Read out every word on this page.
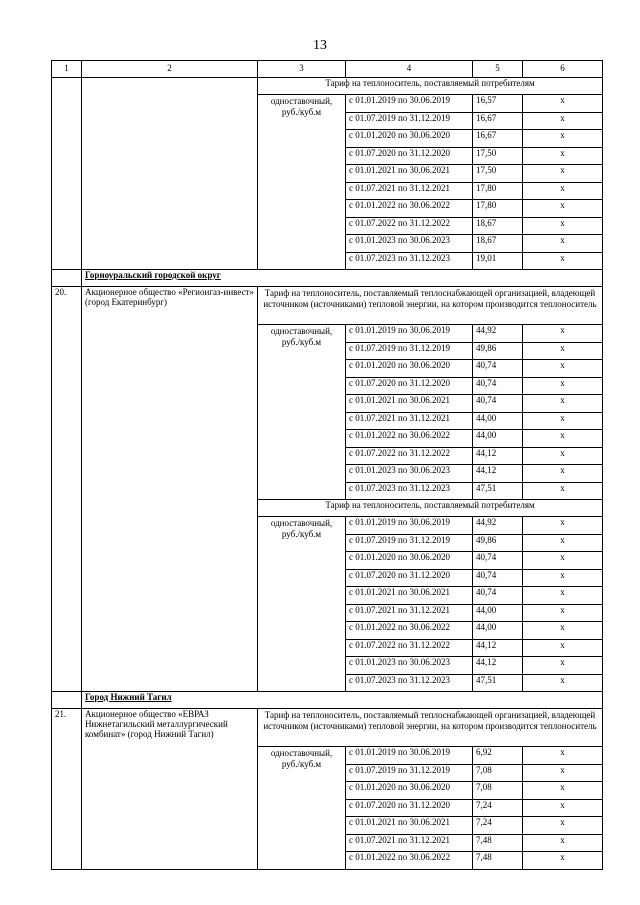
13
1	2	3	4	5	6
		Тариф на теплоноситель, поставляемый потребителям			
		одноставочный, руб./куб.м	с 01.01.2019 по 30.06.2019	16,57	x
			с 01.07.2019 по 31.12.2019	16,67	x
			с 01.01.2020 по 30.06.2020	16,67	x
			с 01.07.2020 по 31.12.2020	17,50	x
			с 01.01.2021 по 30.06.2021	17,50	x
			с 01.07.2021 по 31.12.2021	17,80	x
			с 01.01.2022 по 30.06.2022	17,80	x
			с 01.07.2022 по 31.12.2022	18,67	x
			с 01.01.2023 по 30.06.2023	18,67	x
			с 01.07.2023 по 31.12.2023	19,01	x
	Горноуральский городской округ				
20.	Акционерное общество «Регионгаз-инвест» (город Екатеринбург)	Тариф на теплоноситель, поставляемый теплоснабжающей организацией, владеющей источником (источниками) тепловой энергии, на котором производится теплоноситель			
		одноставочный, руб./куб.м	с 01.01.2019 по 30.06.2019	44,92	x
			с 01.07.2019 по 31.12.2019	49,86	x
			с 01.01.2020 по 30.06.2020	40,74	x
			с 01.07.2020 по 31.12.2020	40,74	x
			с 01.01.2021 по 30.06.2021	40,74	x
			с 01.07.2021 по 31.12.2021	44,00	x
			с 01.01.2022 по 30.06.2022	44,00	x
			с 01.07.2022 по 31.12.2022	44,12	x
			с 01.01.2023 по 30.06.2023	44,12	x
			с 01.07.2023 по 31.12.2023	47,51	x
		Тариф на теплоноситель, поставляемый потребителям			
		одноставочный, руб./куб.м	с 01.01.2019 по 30.06.2019	44,92	x
			с 01.07.2019 по 31.12.2019	49,86	x
			с 01.01.2020 по 30.06.2020	40,74	x
			с 01.07.2020 по 31.12.2020	40,74	x
			с 01.01.2021 по 30.06.2021	40,74	x
			с 01.07.2021 по 31.12.2021	44,00	x
			с 01.01.2022 по 30.06.2022	44,00	x
			с 01.07.2022 по 31.12.2022	44,12	x
			с 01.01.2023 по 30.06.2023	44,12	x
			с 01.07.2023 по 31.12.2023	47,51	x
	Город Нижний Тагил				
21.	Акционерное общество «ЕВРАЗ Нижнетагильский металлургический комбинат» (город Нижний Тагил)	Тариф на теплоноситель, поставляемый теплоснабжающей организацией, владеющей источником (источниками) тепловой энергии, на котором производится теплоноситель			
		одноставочный, руб./куб.м	с 01.01.2019 по 30.06.2019	6,92	x
			с 01.07.2019 по 31.12.2019	7,08	x
			с 01.01.2020 по 30.06.2020	7,08	x
			с 01.07.2020 по 31.12.2020	7,24	x
			с 01.01.2021 по 30.06.2021	7,24	x
			с 01.07.2021 по 31.12.2021	7,48	x
			с 01.01.2022 по 30.06.2022	7,48	x
